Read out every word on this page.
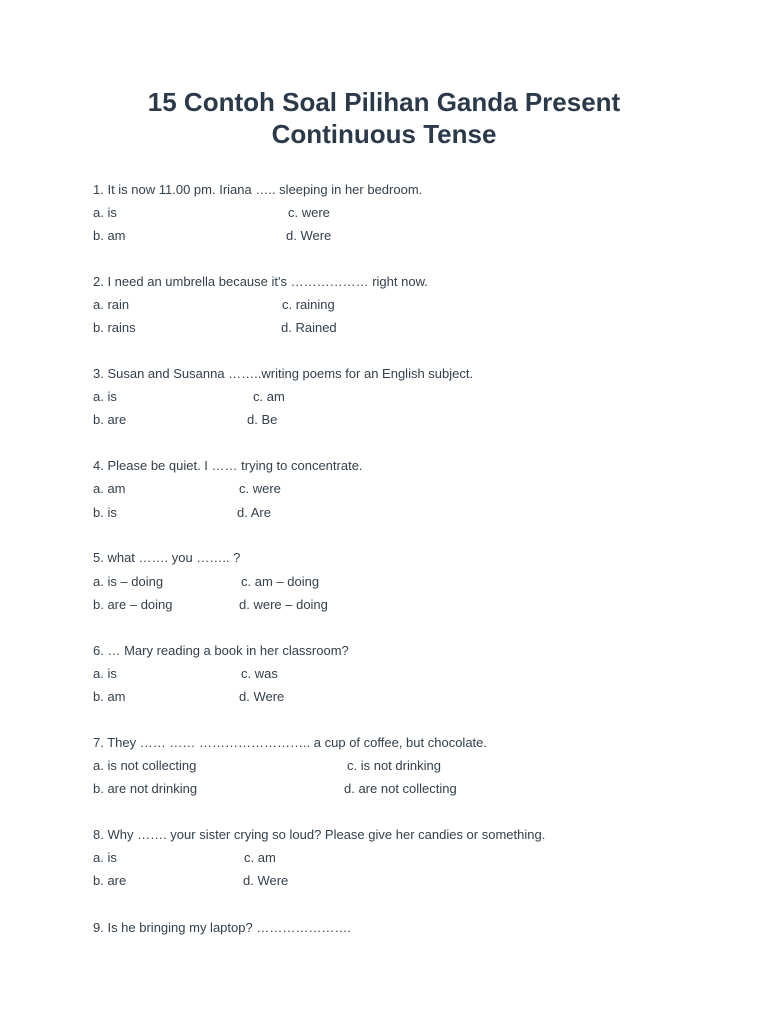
15 Contoh Soal Pilihan Ganda Present
Continuous Tense
1. It is now 11.00 pm. Iriana ….. sleeping in her bedroom.
a. is	c. were
b. am	d. Were
2. I need an umbrella because it's ……………… right now.
a. rain	c. raining
b. rains	d. Rained
3. Susan and Susanna ……..writing poems for an English subject.
a. is	c. am
b. are	d. Be
4. Please be quiet. I …… trying to concentrate.
a. am	c. were
b. is	d. Are
5. what ……. you …….. ?
a. is – doing	c. am – doing
b. are – doing	d. were – doing
6. … Mary reading a book in her classroom?
a. is	c. was
b. am	d. Were
7. They …… …… …………………….. a cup of coffee, but chocolate.
a. is not collecting	c. is not drinking
b. are not drinking	d. are not collecting
8. Why ……. your sister crying so loud? Please give her candies or something.
a. is	c. am
b. are	d. Were
9. Is he bringing my laptop? ………………….
